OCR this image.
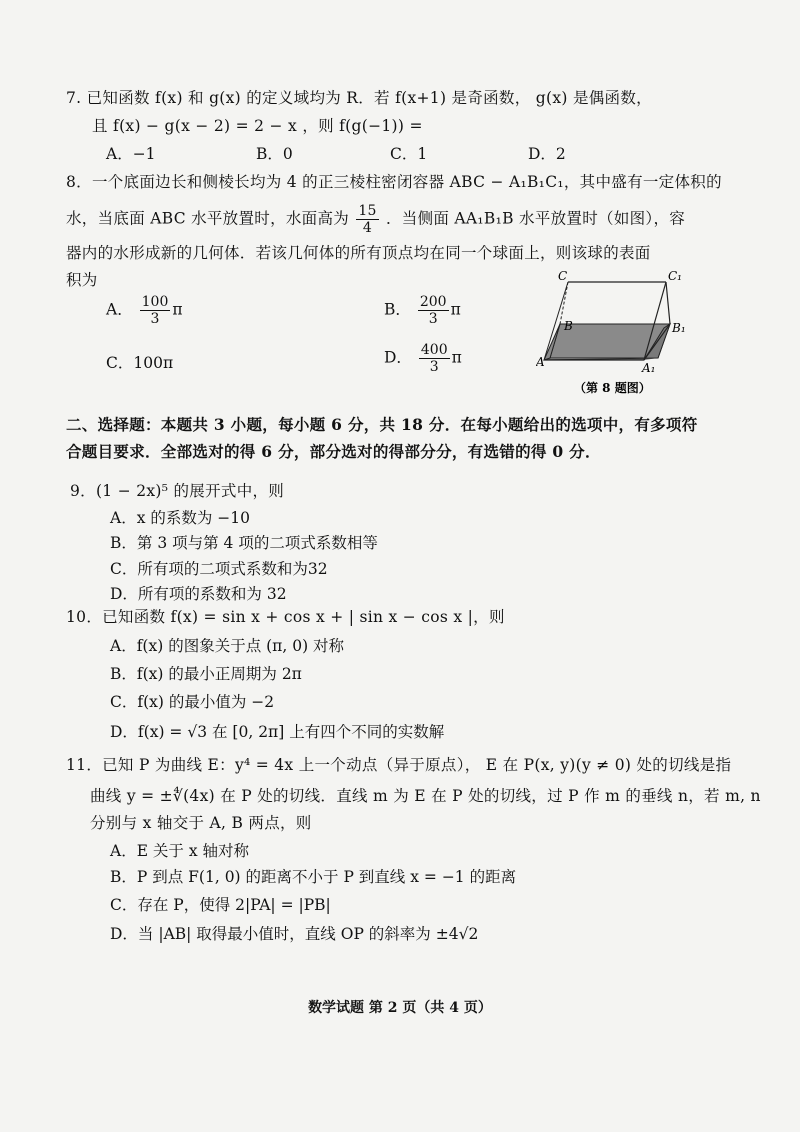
7. 已知函数 f(x) 和 g(x) 的定义域均为 R．若 f(x+1) 是奇函数， g(x) 是偶函数，
且 f(x) − g(x − 2) = 2 − x ，则 f(g(−1)) =
A．−1	B．0	C．1	D．2
8．一个底面边长和侧棱长均为 4 的正三棱柱密闭容器 ABC − A₁B₁C₁，其中盛有一定体积的
水，当底面 ABC 水平放置时，水面高为 $\frac{15}{4}$ ．当侧面 AA₁B₁B 水平放置时（如图），容
器内的水形成新的几何体．若该几何体的所有顶点均在同一个球面上，则该球的表面
积为
A． $\frac{100}{3}$ π	B． $\frac{200}{3}$ π
C．100π	D． $\frac{400}{3}$ π
C	C₁
B	B₁
A	A₁
（第 8 题图）
二、选择题：本题共 3 小题，每小题 6 分，共 18 分．在每小题给出的选项中，有多项符
合题目要求．全部选对的得 6 分，部分选对的得部分分，有选错的得 0 分．
9．(1 − 2x)⁵ 的展开式中，则
A．x 的系数为 −10
B．第 3 项与第 4 项的二项式系数相等
C．所有项的二项式系数和为32
D．所有项的系数和为 32
10．已知函数 f(x) = sin x + cos x + | sin x − cos x |，则
A．f(x) 的图象关于点 (π, 0) 对称
B．f(x) 的最小正周期为 2π
C．f(x) 的最小值为 −2
D．f(x) = √3 在 [0, 2π] 上有四个不同的实数解
11．已知 P 为曲线 E：y⁴ = 4x 上一个动点（异于原点）， E 在 P(x, y)(y ≠ 0) 处的切线是指
曲线 y = ±∜(4x) 在 P 处的切线．直线 m 为 E 在 P 处的切线，过 P 作 m 的垂线 n，若 m, n
分别与 x 轴交于 A, B 两点，则
A．E 关于 x 轴对称
B．P 到点 F(1, 0) 的距离不小于 P 到直线 x = −1 的距离
C．存在 P，使得 2|PA| = |PB|
D．当 |AB| 取得最小值时，直线 OP 的斜率为 ±4√2
数学试题 第 2 页（共 4 页）
